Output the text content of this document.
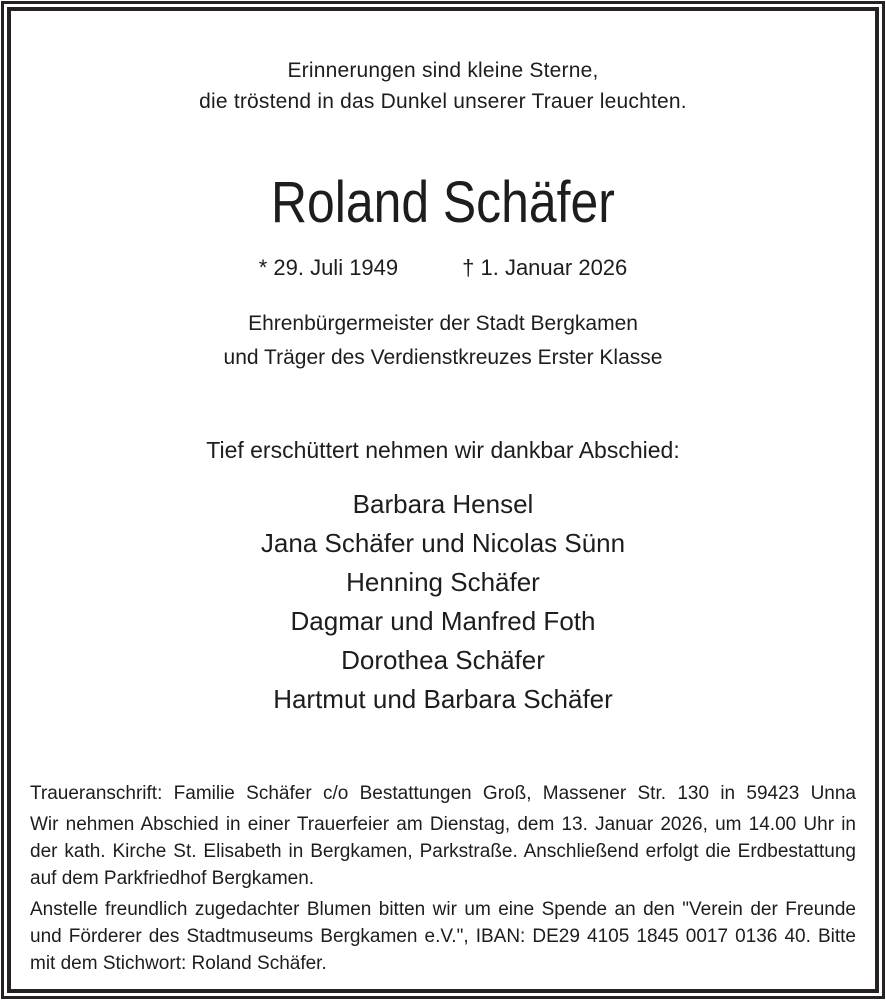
Erinnerungen sind kleine Sterne,
die tröstend in das Dunkel unserer Trauer leuchten.
Roland Schäfer
* 29. Juli 1949	† 1. Januar 2026
Ehrenbürgermeister der Stadt Bergkamen
und Träger des Verdienstkreuzes Erster Klasse
Tief erschüttert nehmen wir dankbar Abschied:
Barbara Hensel
Jana Schäfer und Nicolas Sünn
Henning Schäfer
Dagmar und Manfred Foth
Dorothea Schäfer
Hartmut und Barbara Schäfer

Traueranschrift: Familie Schäfer c/o Bestattungen Groß, Massener Str. 130 in 59423 Unna

Wir nehmen Abschied in einer Trauerfeier am Dienstag, dem 13. Januar 2026, um 14.00 Uhr in der kath. Kirche St. Elisabeth in Bergkamen, Parkstraße. Anschließend erfolgt die Erdbestattung auf dem Parkfriedhof Bergkamen.

Anstelle freundlich zugedachter Blumen bitten wir um eine Spende an den "Verein der Freunde und Förderer des Stadtmuseums Bergkamen e.V.", IBAN: DE29 4105 1845 0017 0136 40. Bitte mit dem Stichwort: Roland Schäfer.
